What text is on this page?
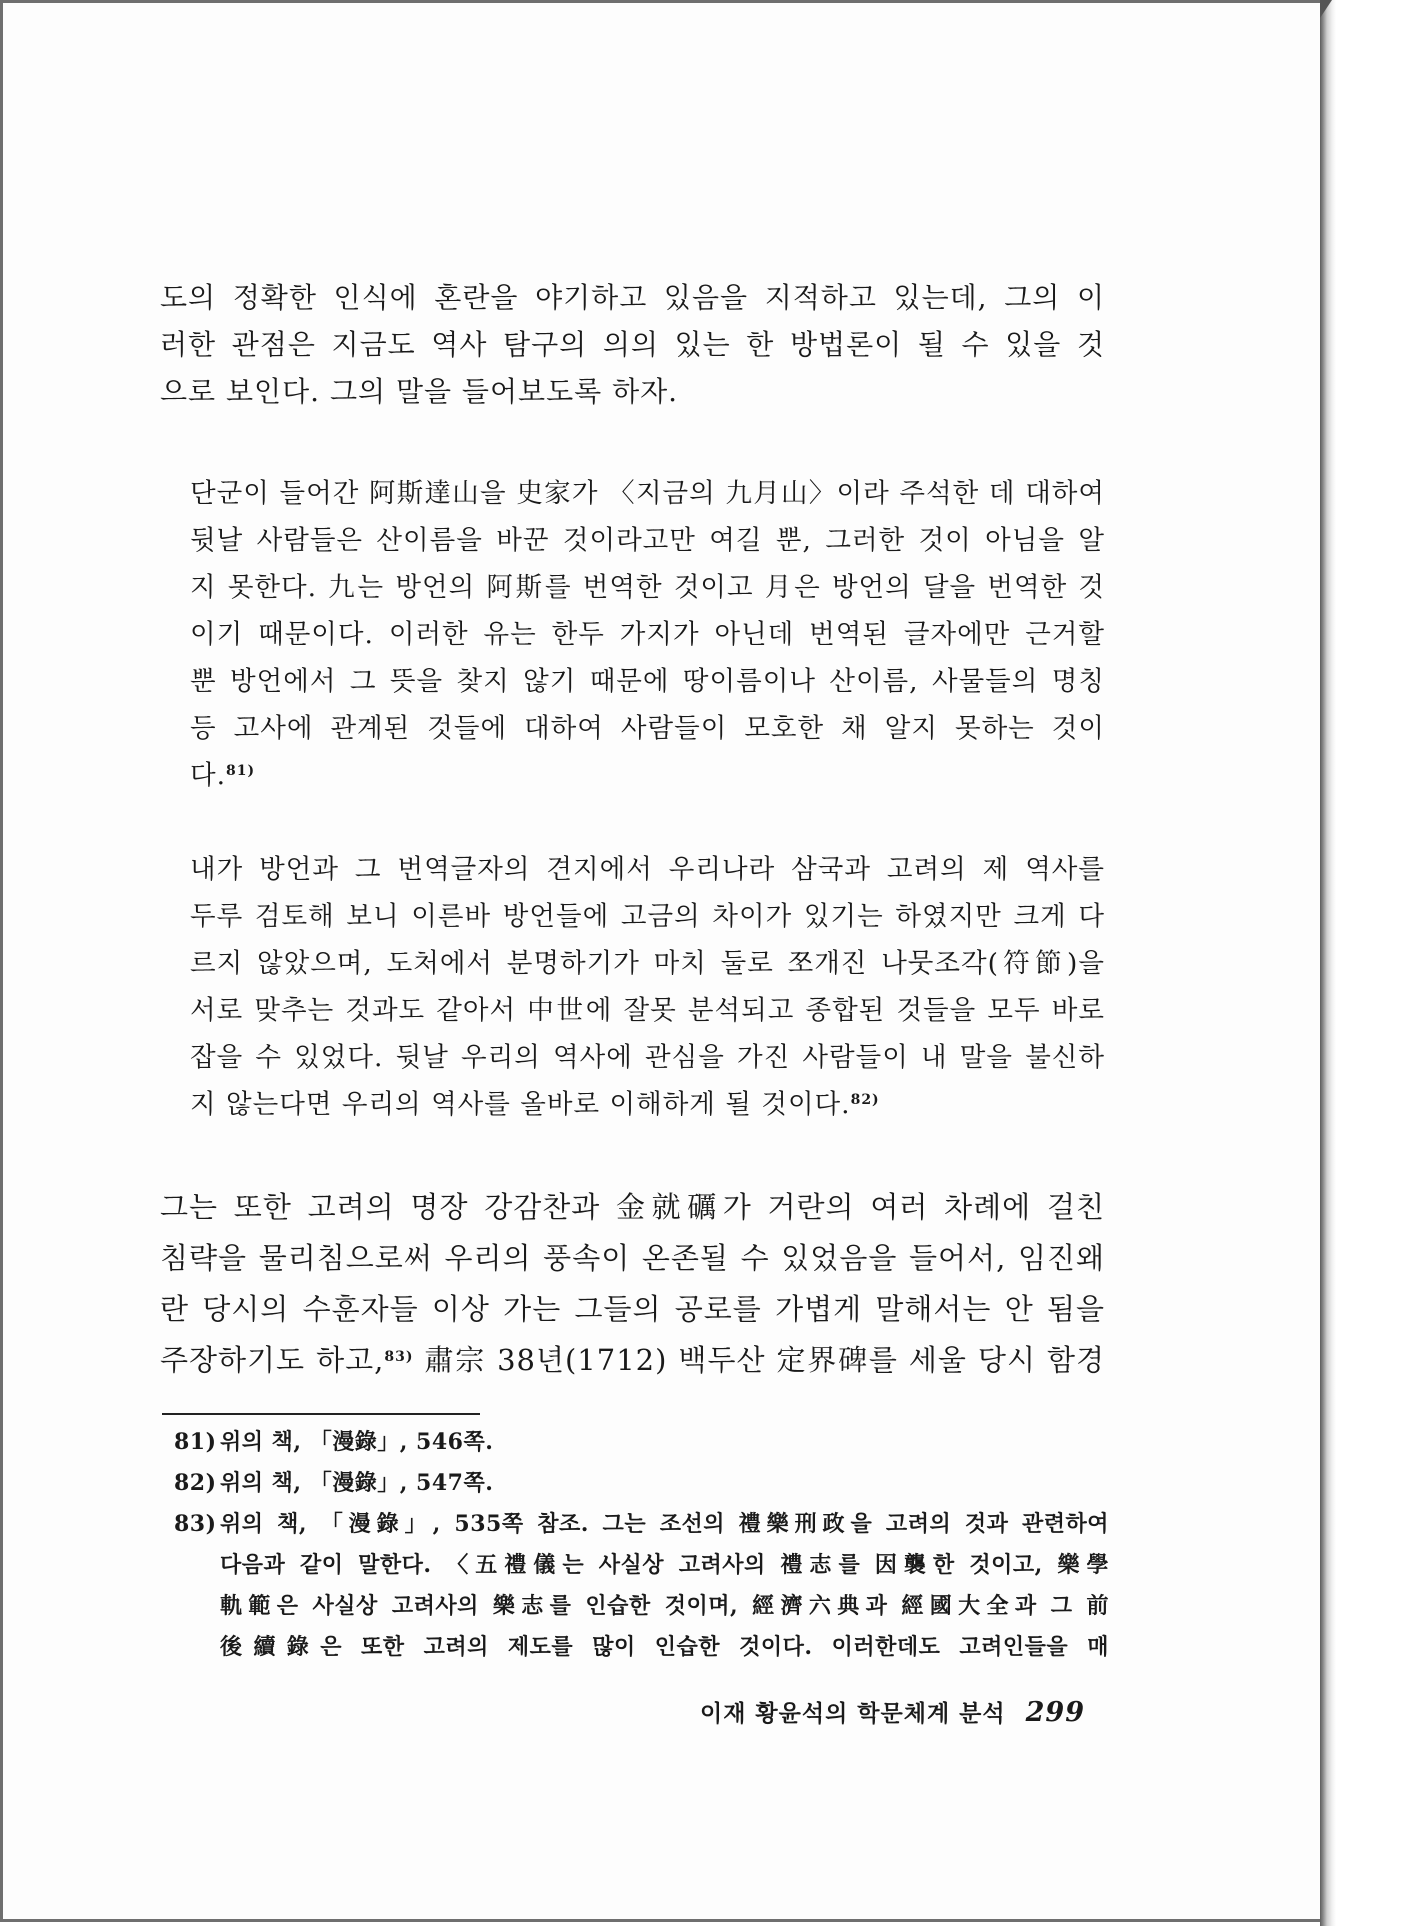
도의 정확한 인식에 혼란을 야기하고 있음을 지적하고 있는데, 그의 이
러한 관점은 지금도 역사 탐구의 의의 있는 한 방법론이 될 수 있을 것
으로 보인다. 그의 말을 들어보도록 하자.
단군이 들어간 阿斯達山을 史家가 〈지금의 九月山〉이라 주석한 데 대하여
뒷날 사람들은 산이름을 바꾼 것이라고만 여길 뿐, 그러한 것이 아님을 알
지 못한다. 九는 방언의 阿斯를 번역한 것이고 月은 방언의 달을 번역한 것
이기 때문이다. 이러한 유는 한두 가지가 아닌데 번역된 글자에만 근거할
뿐 방언에서 그 뜻을 찾지 않기 때문에 땅이름이나 산이름, 사물들의 명칭
등 고사에 관계된 것들에 대하여 사람들이 모호한 채 알지 못하는 것이
다.$^{81)}$
내가 방언과 그 번역글자의 견지에서 우리나라 삼국과 고려의 제 역사를
두루 검토해 보니 이른바 방언들에 고금의 차이가 있기는 하였지만 크게 다
르지 않았으며, 도처에서 분명하기가 마치 둘로 쪼개진 나뭇조각(符節)을
서로 맞추는 것과도 같아서 中世에 잘못 분석되고 종합된 것들을 모두 바로
잡을 수 있었다. 뒷날 우리의 역사에 관심을 가진 사람들이 내 말을 불신하
지 않는다면 우리의 역사를 올바로 이해하게 될 것이다.$^{82)}$
그는 또한 고려의 명장 강감찬과 金就礪가 거란의 여러 차례에 걸친
침략을 물리침으로써 우리의 풍속이 온존될 수 있었음을 들어서, 임진왜
란 당시의 수훈자들 이상 가는 그들의 공로를 가볍게 말해서는 안 됨을
주장하기도 하고,$^{83)}$ 肅宗 38년(1712) 백두산 定界碑를 세울 당시 함경
81) 위의 책, 「漫錄」, 546쪽.
82) 위의 책, 「漫錄」, 547쪽.
83) 위의 책, 「漫錄」, 535쪽 참조. 그는 조선의 禮樂刑政을 고려의 것과 관련하여
다음과 같이 말한다. 〈五禮儀는 사실상 고려사의 禮志를 因襲한 것이고, 樂學
軌範은 사실상 고려사의 樂志를 인습한 것이며, 經濟六典과 經國大全과 그 前
後續錄은 또한 고려의 제도를 많이 인습한 것이다. 이러한데도 고려인들을 매
이재 황윤석의 학문체계 분석 299
